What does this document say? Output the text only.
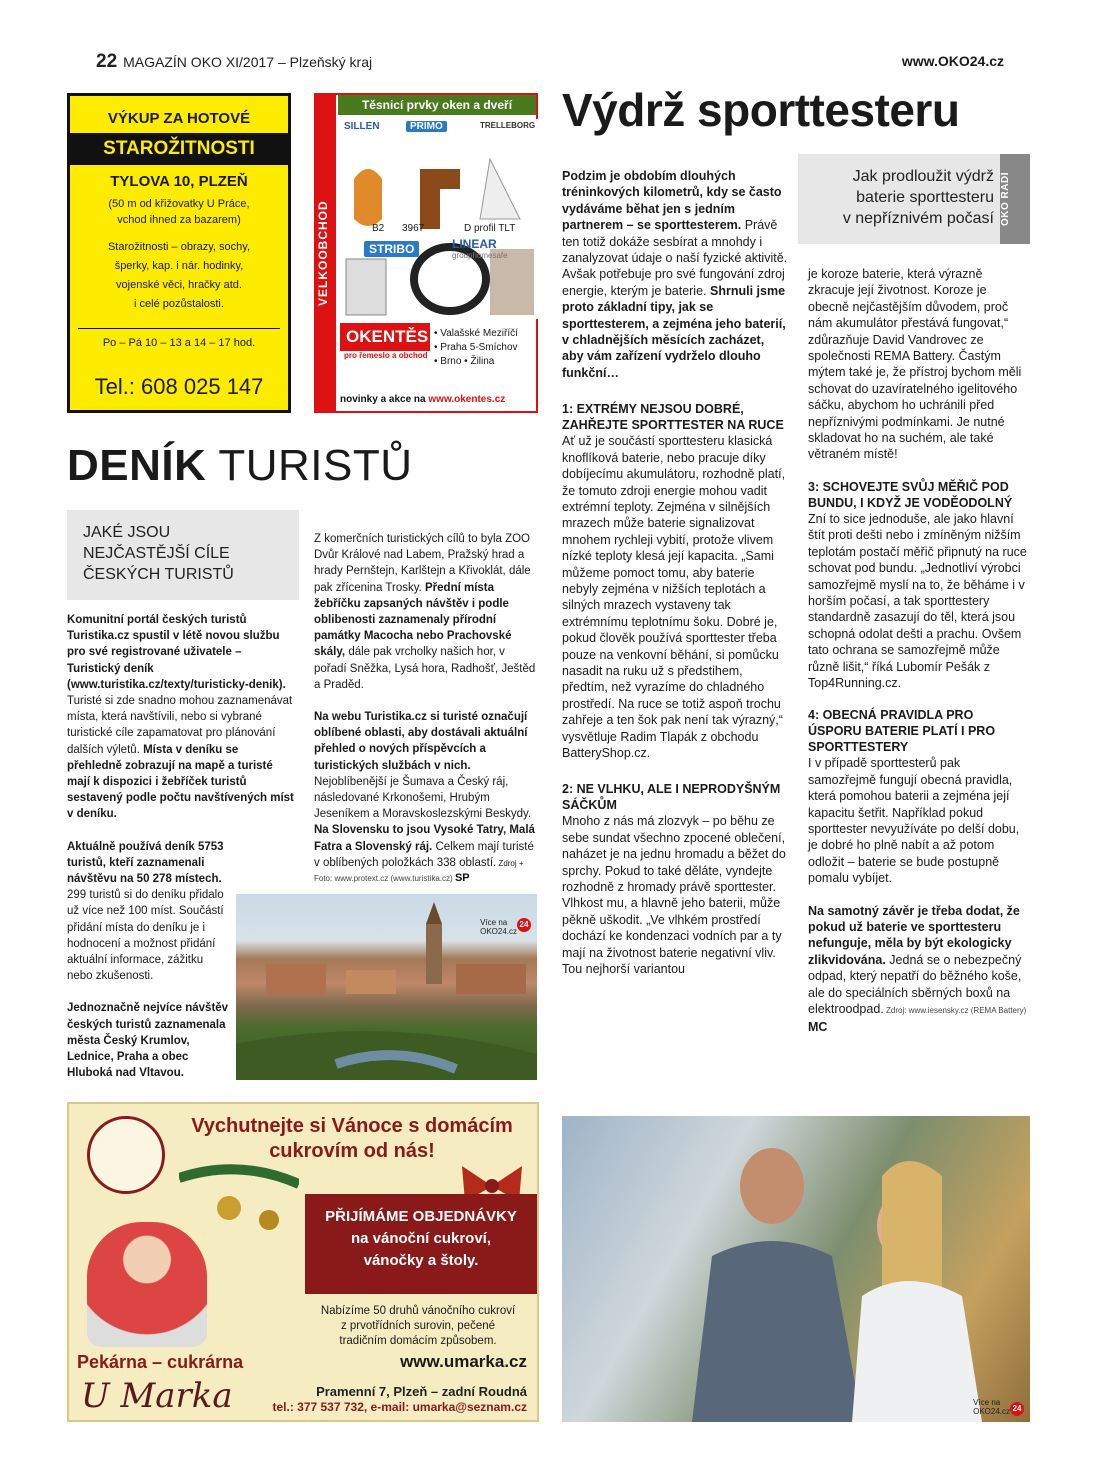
22 MAGAZÍN OKO XI/2017 – Plzeňský kraj	www.OKO24.cz
VÝKUP ZA HOTOVÉ
STAROŽITNOSTI
TYLOVA 10, PLZEŇ
(50 m od křižovatky U Práce,
vchod ihned za bazarem)
Starožitnosti – obrazy, sochy,
šperky, kap. i nár. hodinky,
vojenské věci, hračky atd.
i celé pozůstalosti.
Po – Pá 10 – 13 a 14 – 17 hod.
Tel.: 608 025 147
VELKOOBCHOD
Těsnicí prvky oken a dveří
SILLEN	PRIMO	TRELLEBORG
B2 3967	D profil TLT
STRIBO	LINEAR
grouphomesafe
OKENTĚS
pro řemeslo a obchod
• Valašské Meziříčí
• Praha 5-Smíchov
• Brno • Žilina
novinky a akce na www.okentes.cz
Výdrž sporttesteru
Jak prodloužit výdrž
baterie sporttesteru
v nepříznivém počasí OKO RADÍ

Podzim je obdobím dlouhých tréninkových kilometrů, kdy se často vydáváme běhat jen s jedním partnerem – se sporttesterem. Právě ten totiž dokáže sesbírat a mnohdy i zanalyzovat údaje o naší fyzické aktivitě. Avšak potřebuje pro své fungování zdroj energie, kterým je baterie. Shrnuli jsme proto základní tipy, jak se sporttesterem, a zejména jeho baterií, v chladnějších měsících zacházet, aby vám zařízení vydrželo dlouho funkční…

1: EXTRÉMY NEJSOU DOBRÉ, ZAHŘEJTE SPORTTESTER NA RUCE

Ať už je součástí sporttesteru klasická knoflíková baterie, nebo pracuje díky dobíjecímu akumulátoru, rozhodně platí, že tomuto zdroji energie mohou vadit extrémní teploty. Zejména v silnějších mrazech může baterie signalizovat mnohem rychleji vybití, protože vlivem nízké teploty klesá její kapacita. „Sami můžeme pomoct tomu, aby baterie nebyly zejména v nižších teplotách a silných mrazech vystaveny tak extrémnímu teplotnímu šoku. Dobré je, pokud člověk používá sporttester třeba pouze na venkovní běhání, si pomůcku nasadit na ruku už s předstihem, předtím, než vyrazíme do chladného prostředí. Na ruce se totiž aspoň trochu zahřeje a ten šok pak není tak výrazný,“ vysvětluje Radim Tlapák z obchodu BatteryShop.cz.

2: NE VLHKU, ALE I NEPRODYŠNÝM SÁČKŮM

Mnoho z nás má zlozvyk – po běhu ze sebe sundat všechno zpocené oblečení, naházet je na jednu hromadu a běžet do sprchy. Pokud to také děláte, vyndejte rozhodně z hromady právě sporttester. Vlhkost mu, a hlavně jeho baterii, může pěkně uškodit. „Ve vlhkém prostředí dochází ke kondenzaci vodních par a ty mají na životnost baterie negativní vliv. Tou nejhorší variantou

je koroze baterie, která výrazně zkracuje její životnost. Koroze je obecně nejčastějším důvodem, proč nám akumulátor přestává fungovat,“ zdůrazňuje David Vandrovec ze společnosti REMA Battery. Častým mýtem také je, že přístroj bychom měli schovat do uzavíratelného igelitového sáčku, abychom ho uchránili před nepříznivými podmínkami. Je nutné skladovat ho na suchém, ale také větraném místě!

3: SCHOVEJTE SVŮJ MĚŘIČ POD BUNDU, I KDYŽ JE VODĚODOLNÝ

Zní to sice jednoduše, ale jako hlavní štít proti dešti nebo i zmíněným nižším teplotám postačí měřič připnutý na ruce schovat pod bundu. „Jednotliví výrobci samozřejmě myslí na to, že běháme i v horším počasí, a tak sporttestery standardně zasazují do těl, která jsou schopná odolat dešti a prachu. Ovšem tato ochrana se samozřejmě může různě lišit,“ říká Lubomír Pešák z Top4Running.cz.

4: OBECNÁ PRAVIDLA PRO ÚSPORU BATERIE PLATÍ I PRO SPORTTESTERY

I v případě sporttesterů pak samozřejmě fungují obecná pravidla, která pomohou baterii a zejména její kapacitu šetřit. Například pokud sporttester nevyužíváte po delší dobu, je dobré ho plně nabít a až potom odložit – baterie se bude postupně pomalu vybíjet.

Na samotný závěr je třeba dodat, že pokud už baterie ve sporttesteru nefunguje, měla by být ekologicky zlikvidována. Jedná se o nebezpečný odpad, který nepatří do běžného koše, ale do speciálních sběrných boxů na elektroodpad. Zdroj: www.iesensky.cz (REMA Battery) MC

DENÍK TURISTŮ
JAKÉ JSOU
NEJČASTĚJŠÍ CÍLE
ČESKÝCH TURISTŮ

Komunitní portál českých turistů Turistika.cz spustil v létě novou službu pro své registrované uživatele – Turistický deník (www.turistika.cz/texty/turisticky-denik). Turisté si zde snadno mohou zaznamenávat místa, která navštívili, nebo si vybrané turistické cíle zapamatovat pro plánování dalších výletů. Místa v deníku se přehledně zobrazují na mapě a turisté mají k dispozici i žebříček turistů sestavený podle počtu navštívených míst v deníku.

Aktuálně používá deník 5753 turistů, kteří zaznamenali návštěvu na 50 278 místech. 299 turistů si do deníku přidalo už více než 100 míst. Součástí přidání místa do deníku je i hodnocení a možnost přidání aktuální informace, zážitku nebo zkušenosti.

Jednoznačně nejvíce návštěv českých turistů zaznamenala města Český Krumlov, Lednice, Praha a obec Hluboká nad Vltavou.

Z komerčních turistických cílů to byla ZOO Dvůr Králové nad Labem, Pražský hrad a hrady Pernštejn, Karlštejn a Křivoklát, dále pak zřícenina Trosky. Přední místa žebříčku zapsaných návštěv i podle oblibenosti zaznamenaly přírodní památky Macocha nebo Prachovské skály, dále pak vrcholky našich hor, v pořadí Sněžka, Lysá hora, Radhošť, Ještěd a Praděd.

Na webu Turistika.cz si turisté označují oblíbené oblasti, aby dostávali aktuální přehled o nových příspěvcích a turistických službách v nich. Nejoblíbenější je Šumava a Český ráj, následované Krkonošemi, Hrubým Jeseníkem a Moravskoslezskými Beskydy. Na Slovensku to jsou Vysoké Tatry, Malá Fatra a Slovenský ráj. Celkem mají turisté v oblíbených položkách 338 oblastí. Zdroj +

Foto: www.protext.cz (www.turistika.cz) SP

Více na
OKO24.cz
24
Vychutnejte si Vánoce s domácím
cukrovím od nás!
PŘIJÍMÁME OBJEDNÁVKY
na vánoční cukroví,
vánočky a štoly.
Nabízíme 50 druhů vánočního cukroví
z prvotřídních surovin, pečené
tradičním domácím způsobem.
www.umarka.cz
Pekárna – cukrárna
U Marka	Pramenní 7, Plzeň – zadní Roudná
tel.: 377 537 732, e-mail: umarka@seznam.cz	Více na
OKO24.cz 24
